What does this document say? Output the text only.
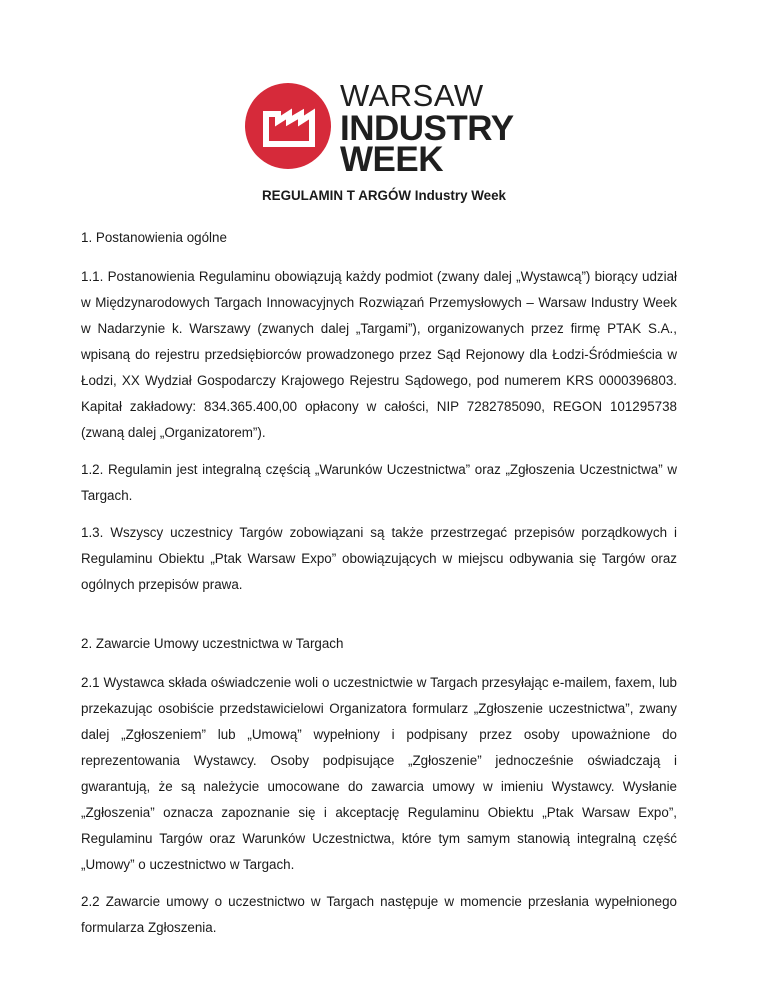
WARSAW
INDUSTRY
WEEK
REGULAMIN T ARGÓW Industry Week
1. Postanowienia ogólne
1.1. Postanowienia Regulaminu obowiązują każdy podmiot (zwany dalej „Wystawcą”) biorący udział w Międzynarodowych Targach Innowacyjnych Rozwiązań Przemysłowych – Warsaw Industry Week w Nadarzynie k. Warszawy (zwanych dalej „Targami”), organizowanych przez firmę PTAK S.A., wpisaną do rejestru przedsiębiorców prowadzonego przez Sąd Rejonowy dla Łodzi-Śródmieścia w Łodzi, XX Wydział Gospodarczy Krajowego Rejestru Sądowego, pod numerem KRS 0000396803. Kapitał zakładowy: 834.365.400,00 opłacony w całości, NIP 7282785090, REGON 101295738 (zwaną dalej „Organizatorem”).
1.2. Regulamin jest integralną częścią „Warunków Uczestnictwa” oraz „Zgłoszenia Uczestnictwa” w Targach.
1.3. Wszyscy uczestnicy Targów zobowiązani są także przestrzegać przepisów porządkowych i Regulaminu Obiektu „Ptak Warsaw Expo” obowiązujących w miejscu odbywania się Targów oraz ogólnych przepisów prawa.
2. Zawarcie Umowy uczestnictwa w Targach
2.1 Wystawca składa oświadczenie woli o uczestnictwie w Targach przesyłając e-mailem, faxem, lub przekazując osobiście przedstawicielowi Organizatora formularz „Zgłoszenie uczestnictwa”, zwany dalej „Zgłoszeniem” lub „Umową” wypełniony i podpisany przez osoby upoważnione do reprezentowania Wystawcy. Osoby podpisujące „Zgłoszenie” jednocześnie oświadczają i gwarantują, że są należycie umocowane do zawarcia umowy w imieniu Wystawcy. Wysłanie „Zgłoszenia” oznacza zapoznanie się i akceptację Regulaminu Obiektu „Ptak Warsaw Expo”, Regulaminu Targów oraz Warunków Uczestnictwa, które tym samym stanowią integralną część „Umowy” o uczestnictwo w Targach.
2.2 Zawarcie umowy o uczestnictwo w Targach następuje w momencie przesłania wypełnionego formularza Zgłoszenia.
